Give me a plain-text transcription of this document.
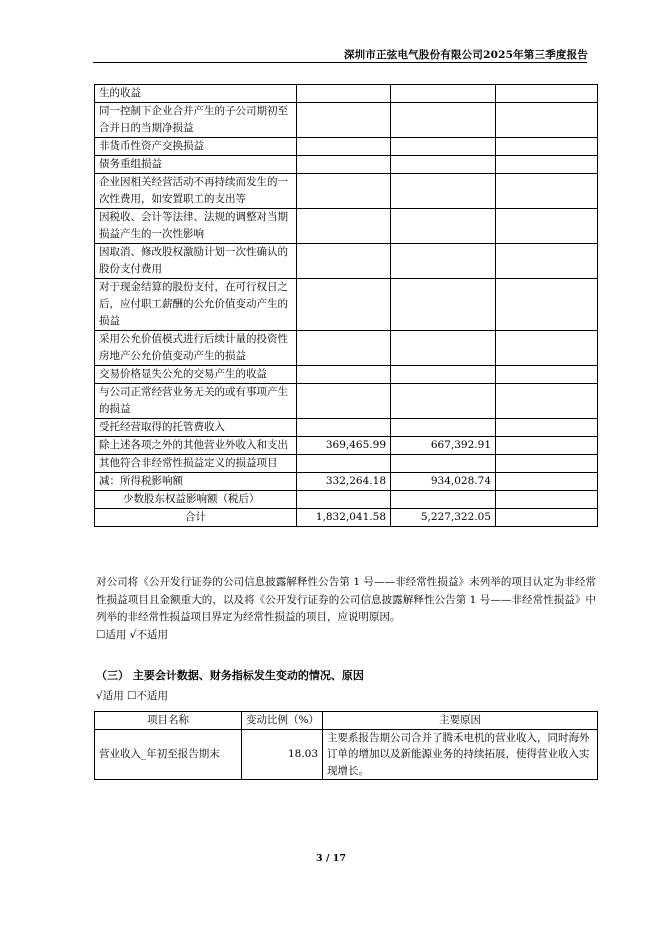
深圳市正弦电气股份有限公司2025年第三季度报告
生的收益			
同一控制下企业合并产生的子公司期初至合并日的当期净损益			
非货币性资产交换损益			
债务重组损益			
企业因相关经营活动不再持续而发生的一次性费用，如安置职工的支出等			
因税收、会计等法律、法规的调整对当期损益产生的一次性影响			
因取消、修改股权激励计划一次性确认的股份支付费用			
对于现金结算的股份支付，在可行权日之后，应付职工薪酬的公允价值变动产生的损益			
采用公允价值模式进行后续计量的投资性房地产公允价值变动产生的损益			
交易价格显失公允的交易产生的收益			
与公司正常经营业务无关的或有事项产生的损益			
受托经营取得的托管费收入			
除上述各项之外的其他营业外收入和支出	369,465.99	667,392.91	
其他符合非经常性损益定义的损益项目			
减：所得税影响额	332,264.18	934,028.74	
少数股东权益影响额（税后）			
合计	1,832,041.58	5,227,322.05	
对公司将《公开发行证券的公司信息披露解释性公告第 1 号——非经常性损益》未列举的项目认定为非经常性损益项目且金额重大的，以及将《公开发行证券的公司信息披露解释性公告第 1 号——非经常性损益》中列举的非经常性损益项目界定为经常性损益的项目，应说明原因。
☐适用 √不适用
（三） 主要会计数据、财务指标发生变动的情况、原因
√适用 ☐不适用
项目名称	变动比例（%）	主要原因
营业收入_年初至报告期末	18.03	主要系报告期公司合并了腾禾电机的营业收入，同时海外订单的增加以及新能源业务的持续拓展，使得营业收入实现增长。
3 / 17
